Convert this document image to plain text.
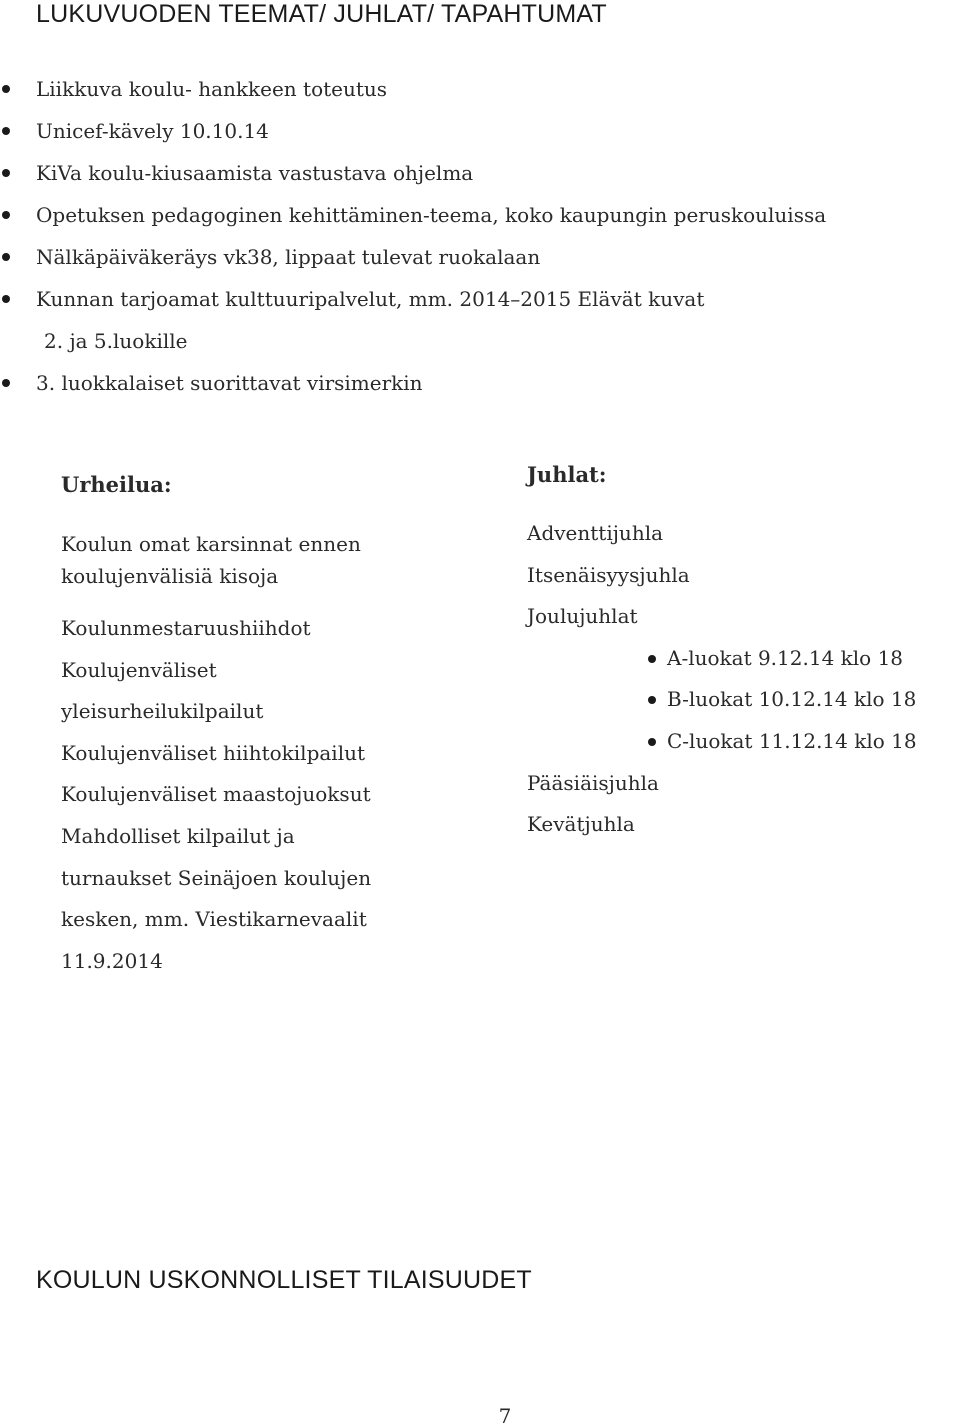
LUKUVUODEN TEEMAT/ JUHLAT/ TAPAHTUMAT
Liikkuva koulu- hankkeen toteutus
Unicef-kävely 10.10.14
KiVa koulu-kiusaamista vastustava ohjelma
Opetuksen pedagoginen kehittäminen-teema, koko kaupungin peruskouluissa
Nälkäpäiväkeräys vk38, lippaat tulevat ruokalaan
Kunnan tarjoamat kulttuuripalvelut, mm. 2014–2015 Elävät kuvat
2. ja 5.luokille
3. luokkalaiset suorittavat virsimerkin
Urheilua:
Koulun omat karsinnat ennen
koulujenvälisiä kisoja
Koulunmestaruushiihdot
Koulujenväliset
yleisurheilukilpailut
Koulujenväliset hiihtokilpailut
Koulujenväliset maastojuoksut
Mahdolliset kilpailut ja
turnaukset Seinäjoen koulujen
kesken, mm. Viestikarnevaalit
11.9.2014
Juhlat:
Adventtijuhla
Itsenäisyysjuhla
Joulujuhlat
A-luokat 9.12.14 klo 18
B-luokat 10.12.14 klo 18
C-luokat 11.12.14 klo 18
Pääsiäisjuhla
Kevätjuhla
KOULUN USKONNOLLISET TILAISUUDET
7
